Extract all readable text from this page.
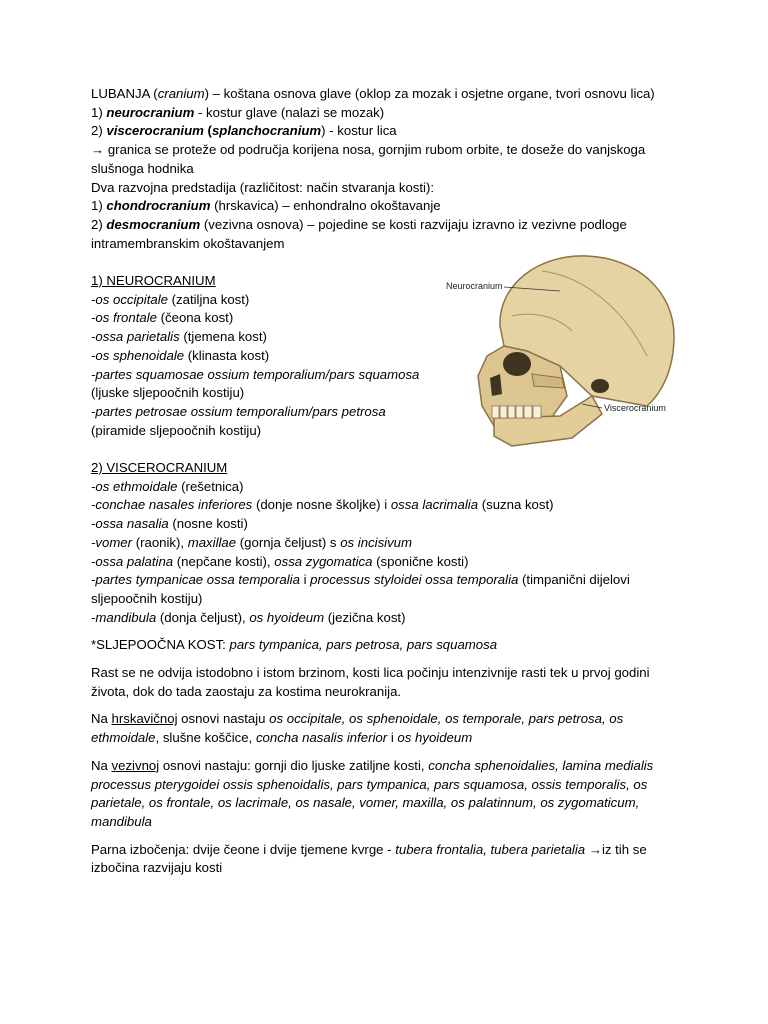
LUBANJA (cranium) – koštana osnova glave (oklop za mozak i osjetne organe, tvori osnovu lica)
1) neurocranium - kostur glave (nalazi se mozak)
2) viscerocranium (splanchocranium) - kostur lica
→ granica se proteže od područja korijena nosa, gornjim rubom orbite, te doseže do vanjskoga
slušnoga hodnika
Dva razvojna predstadija (različitost: način stvaranja kosti):
1) chondrocranium (hrskavica) – enhondralno okoštavanje
2) desmocranium (vezivna osnova) – pojedine se kosti razvijaju izravno iz vezivne podloge
intramembranskim okoštavanjem
1) NEUROCRANIUM
-os occipitale (zatiljna kost)
-os frontale (čeona kost)
-ossa parietalis (tjemena kost)
-os sphenoidale (klinasta kost)
-partes squamosae ossium temporalium/pars squamosa
(ljuske sljepoočnih kostiju)
-partes petrosae ossium temporalium/pars petrosa
(piramide sljepoočnih kostiju)
2) VISCEROCRANIUM
-os ethmoidale (rešetnica)
-conchae nasales inferiores (donje nosne školjke) i ossa lacrimalia (suzna kost)
-ossa nasalia (nosne kosti)
-vomer (raonik), maxillae (gornja čeljust) s os incisivum
-ossa palatina (nepčane kosti), ossa zygomatica (sponične kosti)
-partes tympanicae ossa temporalia i processus styloidei ossa temporalia (timpanični dijelovi
sljepoočnih kostiju)
-mandibula (donja čeljust), os hyoideum (jezična kost)
*SLJEPOOČNA KOST: pars tympanica, pars petrosa, pars squamosa
Rast se ne odvija istodobno i istom brzinom, kosti lica počinju intenzivnije rasti tek u prvoj godini
života, dok do tada zaostaju za kostima neurokranija.
Na hrskavičnoj osnovi nastaju os occipitale, os sphenoidale, os temporale, pars petrosa, os
ethmoidale, slušne koščice, concha nasalis inferior i os hyoideum
Na vezivnoj osnovi nastaju: gornji dio ljuske zatiljne kosti, concha sphenoidalies, lamina medialis
processus pterygoidei ossis sphenoidalis, pars tympanica, pars squamosa, ossis temporalis, os
parietale, os frontale, os lacrimale, os nasale, vomer, maxilla, os palatinnum, os zygomaticum,
mandibula
Parna izbočenja: dvije čeone i dvije tjemene kvrge - tubera frontalia, tubera parietalia →iz tih se
izbočina razvijaju kosti
Neurocranium
Viscerocranium
